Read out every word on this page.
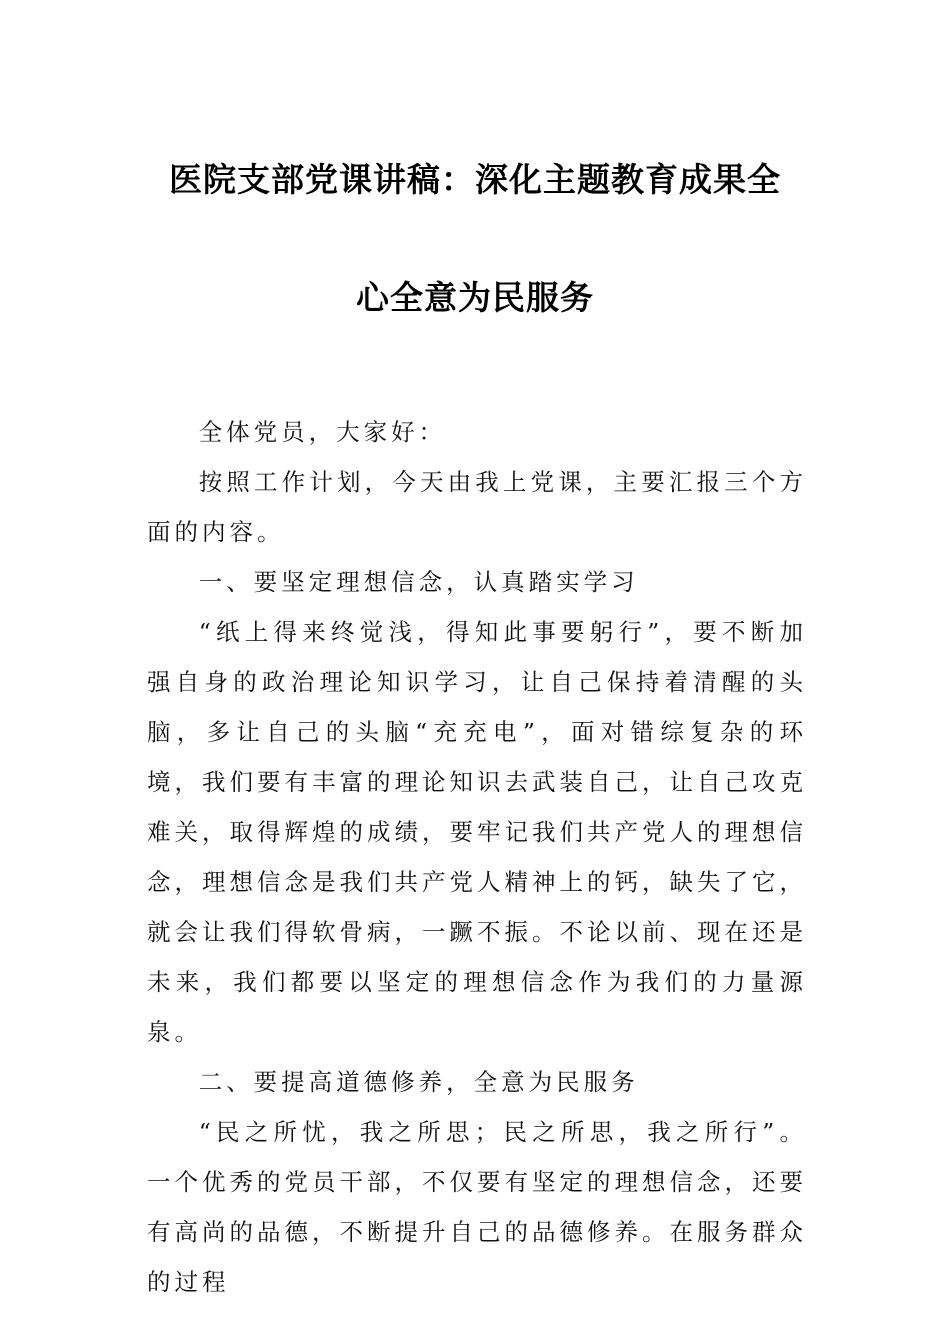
医院支部党课讲稿：深化主题教育成果全
心全意为民服务

全体党员，大家好：

按照工作计划，今天由我上党课，主要汇报三个方面的内容。

一、要坚定理想信念，认真踏实学习

“纸上得来终觉浅，得知此事要躬行”，要不断加强自身的政治理论知识学习，让自己保持着清醒的头脑，多让自己的头脑“充充电”，面对错综复杂的环境，我们要有丰富的理论知识去武装自己，让自己攻克难关，取得辉煌的成绩，要牢记我们共产党人的理想信念，理想信念是我们共产党人精神上的钙，缺失了它，就会让我们得软骨病，一蹶不振。不论以前、现在还是未来，我们都要以坚定的理想信念作为我们的力量源泉。

二、要提高道德修养，全意为民服务

“民之所忧，我之所思；民之所思，我之所行”。一个优秀的党员干部，不仅要有坚定的理想信念，还要有高尚的品德，不断提升自己的品德修养。在服务群众的过程
